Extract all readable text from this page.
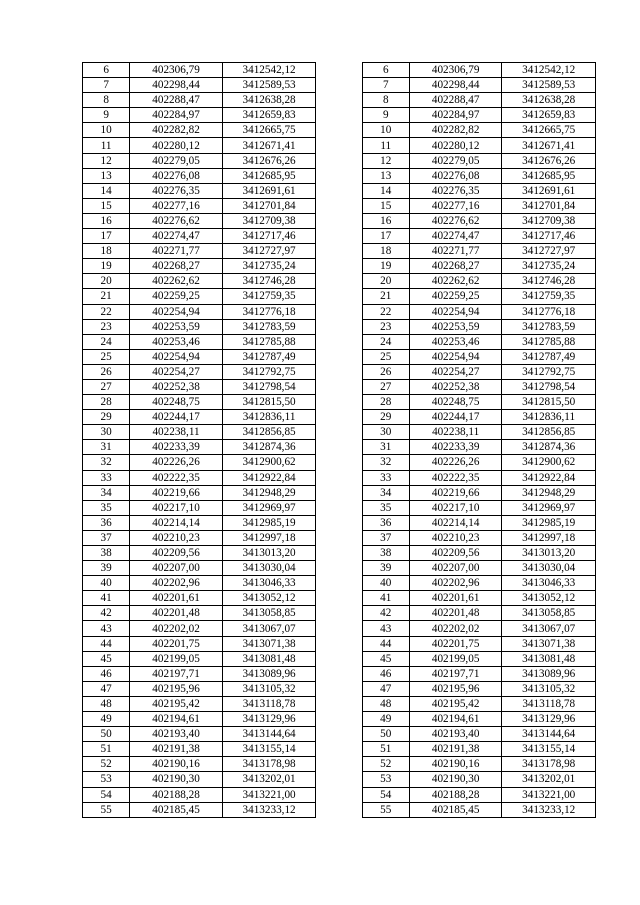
6	402306,79	3412542,12		6	402306,79	3412542,12
7	402298,44	3412589,53		7	402298,44	3412589,53
8	402288,47	3412638,28		8	402288,47	3412638,28
9	402284,97	3412659,83		9	402284,97	3412659,83
10	402282,82	3412665,75		10	402282,82	3412665,75
11	402280,12	3412671,41		11	402280,12	3412671,41
12	402279,05	3412676,26		12	402279,05	3412676,26
13	402276,08	3412685,95		13	402276,08	3412685,95
14	402276,35	3412691,61		14	402276,35	3412691,61
15	402277,16	3412701,84		15	402277,16	3412701,84
16	402276,62	3412709,38		16	402276,62	3412709,38
17	402274,47	3412717,46		17	402274,47	3412717,46
18	402271,77	3412727,97		18	402271,77	3412727,97
19	402268,27	3412735,24		19	402268,27	3412735,24
20	402262,62	3412746,28		20	402262,62	3412746,28
21	402259,25	3412759,35		21	402259,25	3412759,35
22	402254,94	3412776,18		22	402254,94	3412776,18
23	402253,59	3412783,59		23	402253,59	3412783,59
24	402253,46	3412785,88		24	402253,46	3412785,88
25	402254,94	3412787,49		25	402254,94	3412787,49
26	402254,27	3412792,75		26	402254,27	3412792,75
27	402252,38	3412798,54		27	402252,38	3412798,54
28	402248,75	3412815,50		28	402248,75	3412815,50
29	402244,17	3412836,11		29	402244,17	3412836,11
30	402238,11	3412856,85		30	402238,11	3412856,85
31	402233,39	3412874,36		31	402233,39	3412874,36
32	402226,26	3412900,62		32	402226,26	3412900,62
33	402222,35	3412922,84		33	402222,35	3412922,84
34	402219,66	3412948,29		34	402219,66	3412948,29
35	402217,10	3412969,97		35	402217,10	3412969,97
36	402214,14	3412985,19		36	402214,14	3412985,19
37	402210,23	3412997,18		37	402210,23	3412997,18
38	402209,56	3413013,20		38	402209,56	3413013,20
39	402207,00	3413030,04		39	402207,00	3413030,04
40	402202,96	3413046,33		40	402202,96	3413046,33
41	402201,61	3413052,12		41	402201,61	3413052,12
42	402201,48	3413058,85		42	402201,48	3413058,85
43	402202,02	3413067,07		43	402202,02	3413067,07
44	402201,75	3413071,38		44	402201,75	3413071,38
45	402199,05	3413081,48		45	402199,05	3413081,48
46	402197,71	3413089,96		46	402197,71	3413089,96
47	402195,96	3413105,32		47	402195,96	3413105,32
48	402195,42	3413118,78		48	402195,42	3413118,78
49	402194,61	3413129,96		49	402194,61	3413129,96
50	402193,40	3413144,64		50	402193,40	3413144,64
51	402191,38	3413155,14		51	402191,38	3413155,14
52	402190,16	3413178,98		52	402190,16	3413178,98
53	402190,30	3413202,01		53	402190,30	3413202,01
54	402188,28	3413221,00		54	402188,28	3413221,00
55	402185,45	3413233,12		55	402185,45	3413233,12
